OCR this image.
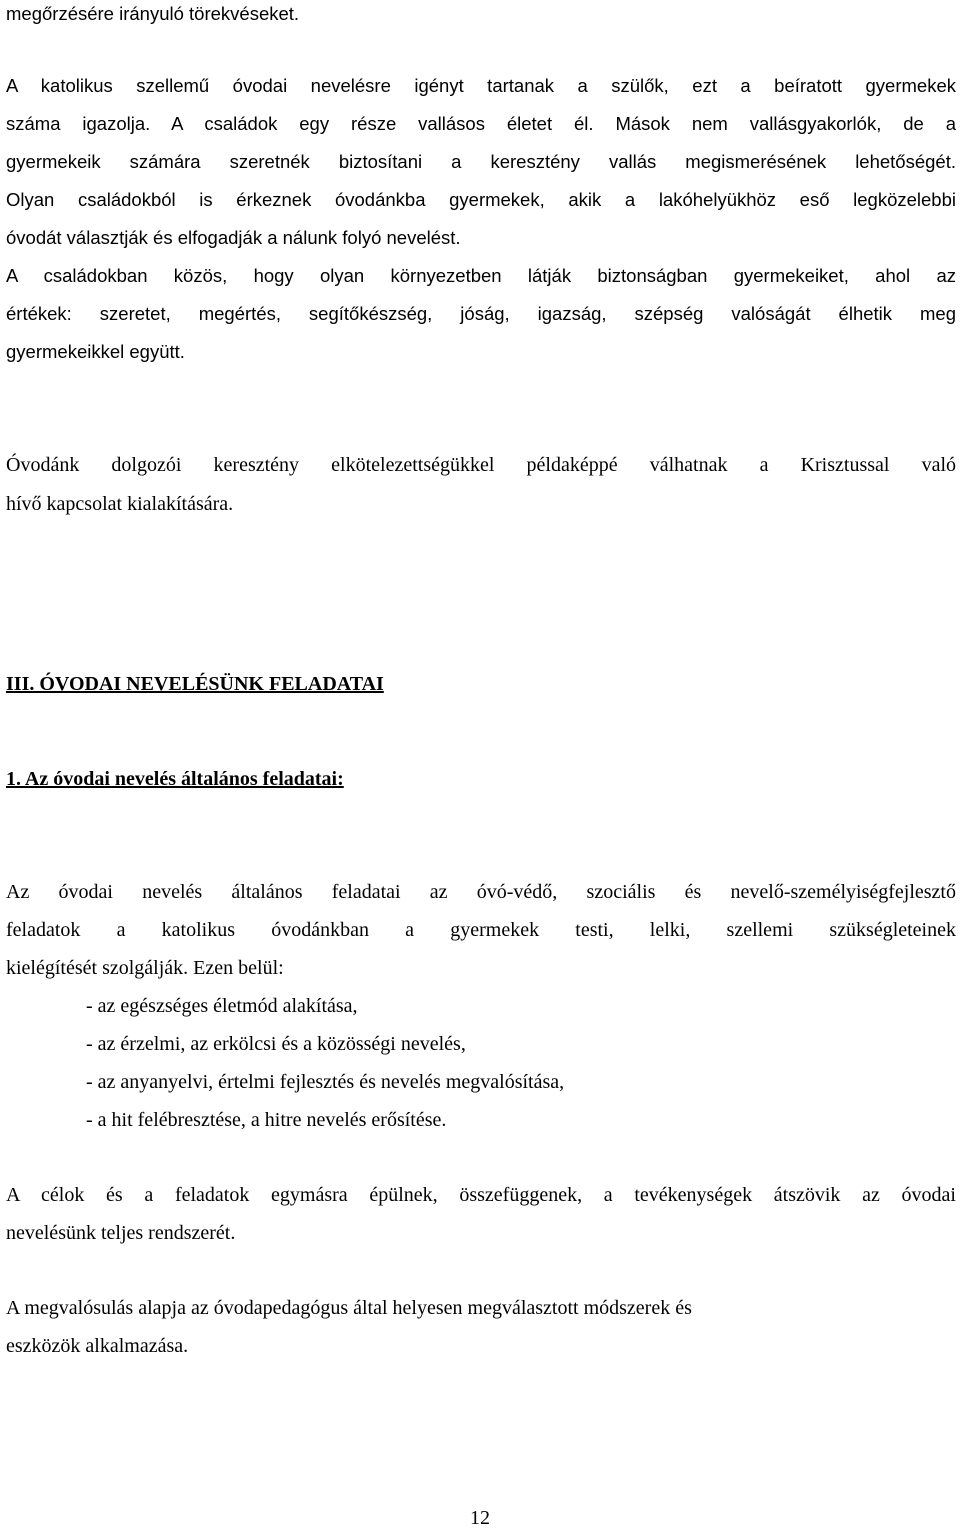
megőrzésére irányuló törekvéseket.
A katolikus szellemű óvodai nevelésre igényt tartanak a szülők, ezt a beíratott gyermekek
száma igazolja. A családok egy része vallásos életet él. Mások nem vallásgyakorlók, de a
gyermekeik számára szeretnék biztosítani a keresztény vallás megismerésének lehetőségét.
Olyan családokból is érkeznek óvodánkba gyermekek, akik a lakóhelyükhöz eső legközelebbi
óvodát választják és elfogadják a nálunk folyó nevelést.
A családokban közös, hogy olyan környezetben látják biztonságban gyermekeiket, ahol az
értékek: szeretet, megértés, segítőkészség, jóság, igazság, szépség valóságát élhetik meg
gyermekeikkel együtt.
Óvodánk dolgozói keresztény elkötelezettségükkel példaképpé válhatnak a Krisztussal való
hívő kapcsolat kialakítására.
III. ÓVODAI NEVELÉSÜNK FELADATAI
1. Az óvodai nevelés általános feladatai:
Az óvodai nevelés általános feladatai az óvó-védő, szociális és nevelő-személyiségfejlesztő
feladatok a katolikus óvodánkban a gyermekek testi, lelki, szellemi szükségleteinek
kielégítését szolgálják. Ezen belül:
- az egészséges életmód alakítása,
- az érzelmi, az erkölcsi és a közösségi nevelés,
- az anyanyelvi, értelmi fejlesztés és nevelés megvalósítása,
- a hit felébresztése, a hitre nevelés erősítése.
A célok és a feladatok egymásra épülnek, összefüggenek, a tevékenységek átszövik az óvodai
nevelésünk teljes rendszerét.
A megvalósulás alapja az óvodapedagógus által helyesen megválasztott módszerek és
eszközök alkalmazása.
12
